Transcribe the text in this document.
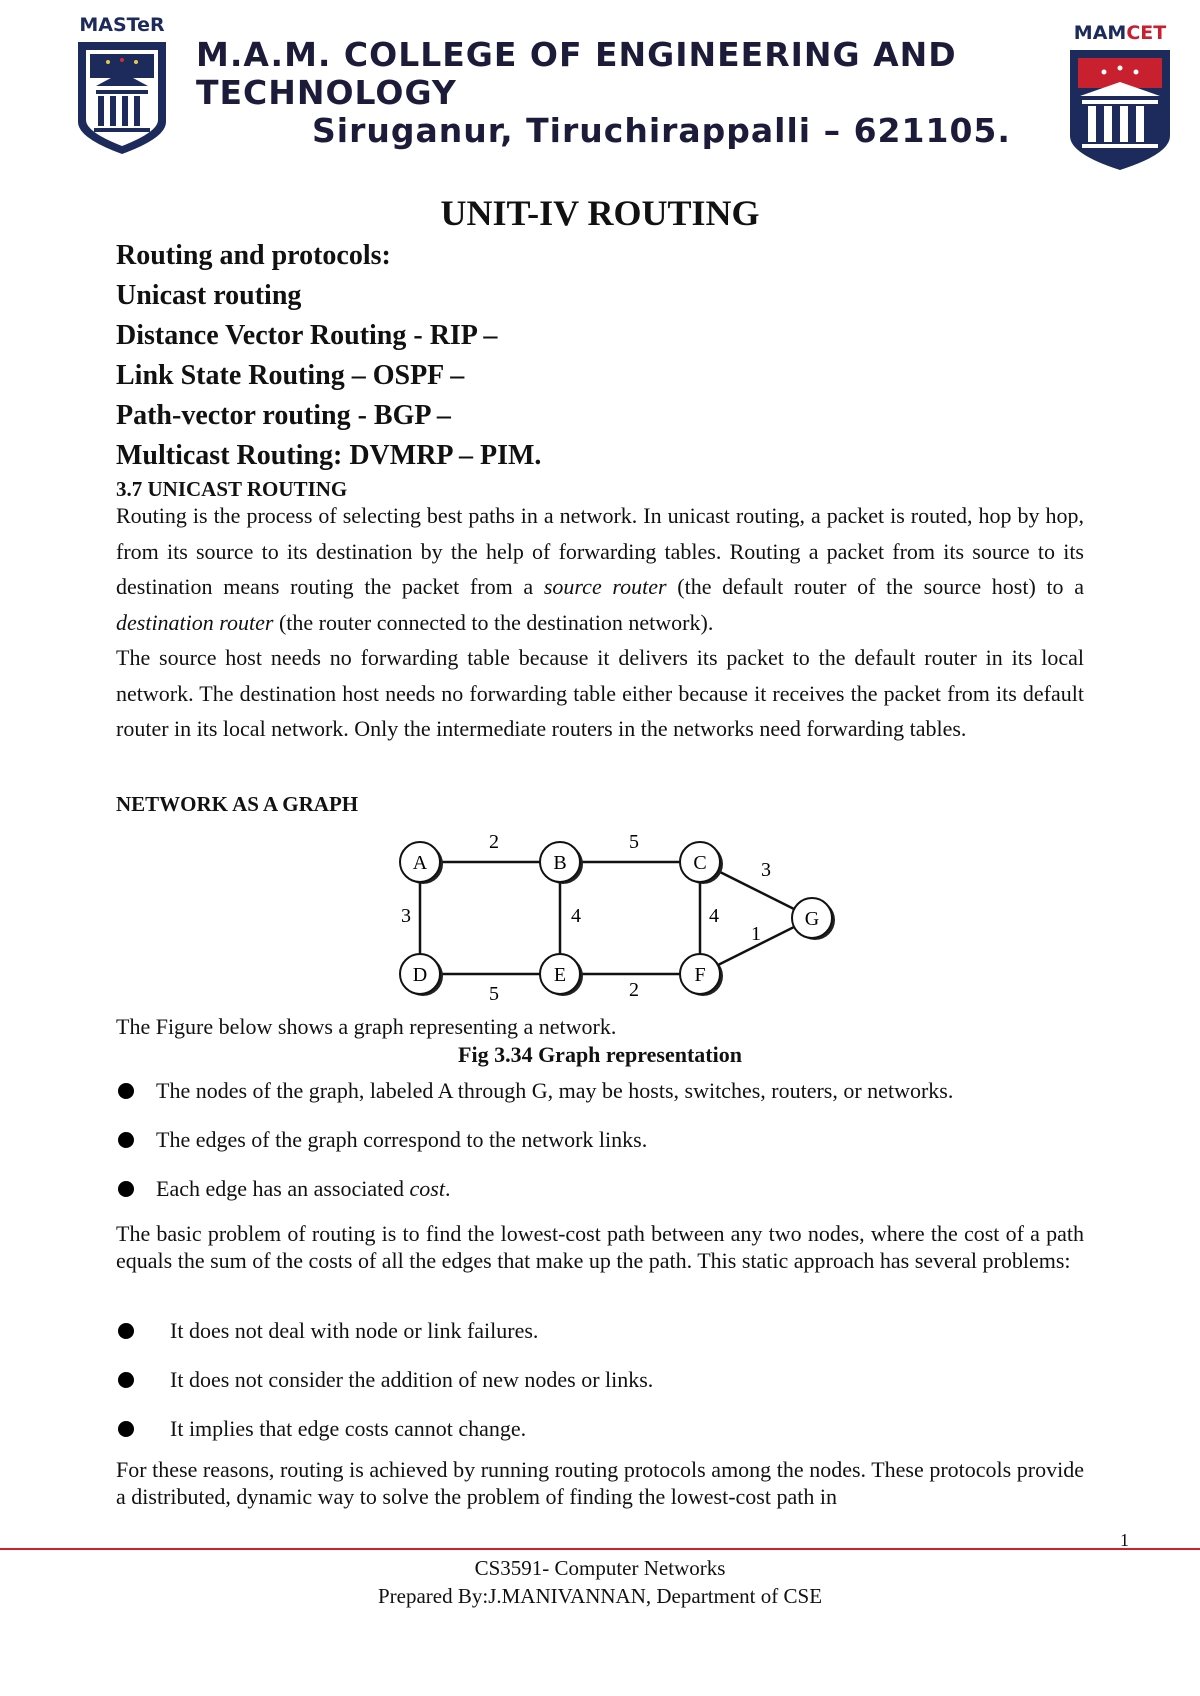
MASTeR	MAMCET
M.A.M. COLLEGE OF ENGINEERING AND
TECHNOLOGY
Siruganur, Tiruchirappalli – 621105.
UNIT-IV ROUTING
Routing and protocols:
Unicast routing
Distance Vector Routing - RIP –
Link State Routing – OSPF –
Path-vector routing - BGP –
Multicast Routing: DVMRP – PIM.
3.7 UNICAST ROUTING
Routing is the process of selecting best paths in a network. In unicast routing, a packet is routed, hop by hop, from its source to its destination by the help of forwarding tables. Routing a packet from its source to its destination means routing the packet from a source router (the default router of the source host) to a destination router (the router connected to the destination network).
The source host needs no forwarding table because it delivers its packet to the default router in its local network. The destination host needs no forwarding table either because it receives the packet from its default router in its local network. Only the intermediate routers in the networks need forwarding tables.
NETWORK AS A GRAPH
2	5
3	4	4
3
1
5	2
A	B	C
D	E	F
G
The Figure below shows a graph representing a network.
Fig 3.34 Graph representation
The nodes of the graph, labeled A through G, may be hosts, switches, routers, or networks.
The edges of the graph correspond to the network links.
Each edge has an associated cost.
The basic problem of routing is to find the lowest-cost path between any two nodes, where the cost of a path equals the sum of the costs of all the edges that make up the path. This static approach has several problems:
It does not deal with node or link failures.
It does not consider the addition of new nodes or links.
It implies that edge costs cannot change.
For these reasons, routing is achieved by running routing protocols among the nodes. These protocols provide a distributed, dynamic way to solve the problem of finding the lowest-cost path in
1
CS3591- Computer Networks
Prepared By:J.MANIVANNAN, Department of CSE
